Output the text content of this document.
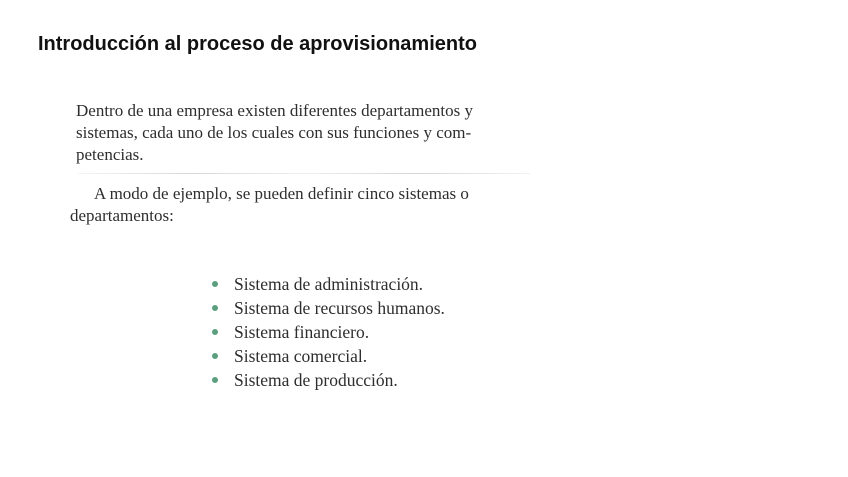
Introducción al proceso de aprovisionamiento

Dentro de una empresa existen diferentes departamentos y
sistemas, cada uno de los cuales con sus funciones y com-
petencias.

A modo de ejemplo, se pueden definir cinco sistemas o
departamentos:

Sistema de administración.
Sistema de recursos humanos.
Sistema financiero.
Sistema comercial.
Sistema de producción.
